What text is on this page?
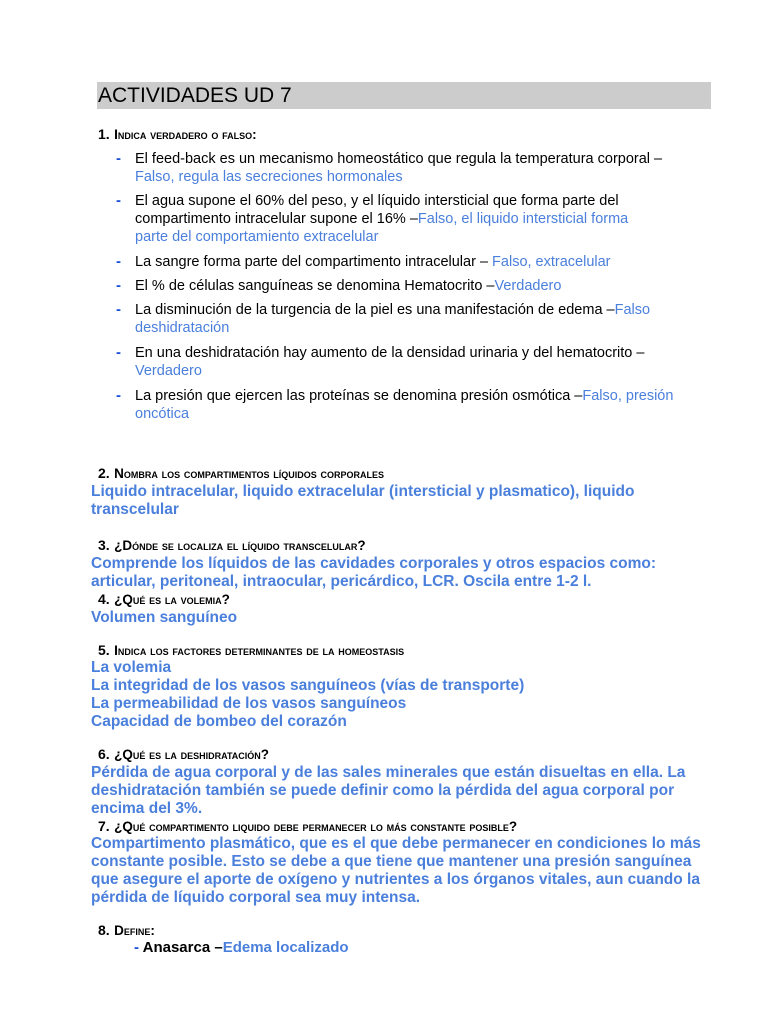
ACTIVIDADES UD 7
1. Indica verdadero o falso:
- El feed-back es un mecanismo homeostático que regula la temperatura corporal –
Falso, regula las secreciones hormonales
- El agua supone el 60% del peso, y el líquido intersticial que forma parte del compartimento intracelular supone el 16% –Falso, el liquido intersticial forma parte del comportamiento extracelular
- La sangre forma parte del compartimento intracelular – Falso, extracelular
- El % de células sanguíneas se denomina Hematocrito –Verdadero
- La disminución de la turgencia de la piel es una manifestación de edema –Falso deshidratación
- En una deshidratación hay aumento de la densidad urinaria y del hematocrito –Verdadero
- La presión que ejercen las proteínas se denomina presión osmótica –Falso, presión oncótica
2. Nombra los compartimentos líquidos corporales
Liquido intracelular, liquido extracelular (intersticial y plasmatico), liquido transcelular
3. ¿Dónde se localiza el líquido transcelular?
Comprende los líquidos de las cavidades corporales y otros espacios como: articular, peritoneal, intraocular, pericárdico, LCR. Oscila entre 1-2 l.
4. ¿Qué es la volemia?
Volumen sanguíneo
5. Indica los factores determinantes de la homeostasis
La volemia
La integridad de los vasos sanguíneos (vías de transporte)
La permeabilidad de los vasos sanguíneos
Capacidad de bombeo del corazón
6. ¿Qué es la deshidratación?
Pérdida de agua corporal y de las sales minerales que están disueltas en ella. La deshidratación también se puede definir como la pérdida del agua corporal por encima del 3%.
7. ¿Qué compartimento liquido debe permanecer lo más constante posible?
Compartimento plasmático, que es el que debe permanecer en condiciones lo más constante posible. Esto se debe a que tiene que mantener una presión sanguínea que asegure el aporte de oxígeno y nutrientes a los órganos vitales, aun cuando la pérdida de líquido corporal sea muy intensa.
8. Define:
- Anasarca –Edema localizado
